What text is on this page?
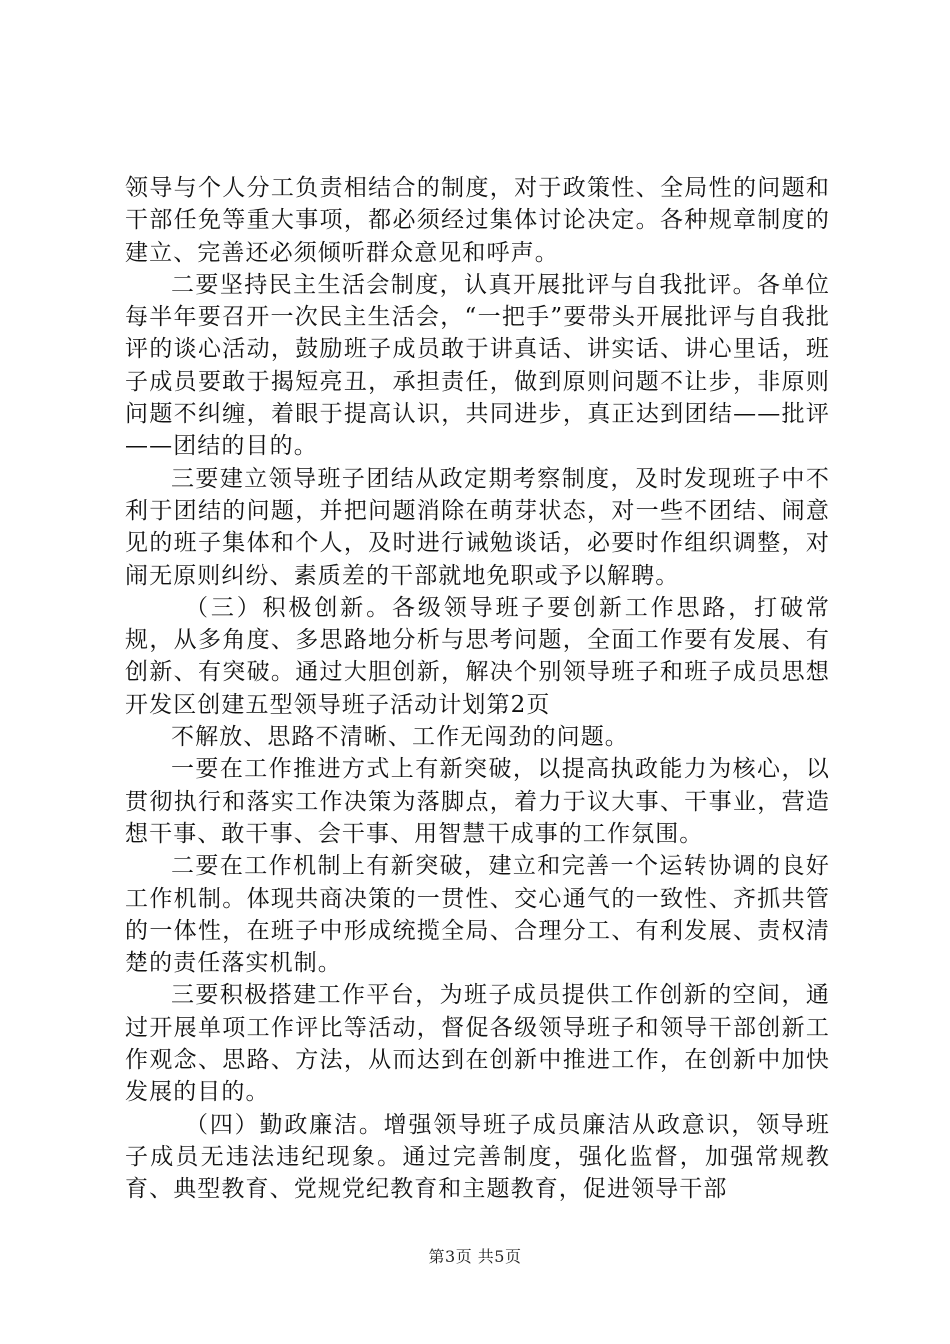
领导与个人分工负责相结合的制度，对于政策性、全局性的问题和干部任免等重大事项，都必须经过集体讨论决定。各种规章制度的建立、完善还必须倾听群众意见和呼声。

二要坚持民主生活会制度，认真开展批评与自我批评。各单位每半年要召开一次民主生活会，“一把手”要带头开展批评与自我批评的谈心活动，鼓励班子成员敢于讲真话、讲实话、讲心里话，班子成员要敢于揭短亮丑，承担责任，做到原则问题不让步，非原则问题不纠缠，着眼于提高认识，共同进步，真正达到团结——批评——团结的目的。

三要建立领导班子团结从政定期考察制度，及时发现班子中不利于团结的问题，并把问题消除在萌芽状态，对一些不团结、闹意见的班子集体和个人，及时进行诫勉谈话，必要时作组织调整，对闹无原则纠纷、素质差的干部就地免职或予以解聘。

（三）积极创新。各级领导班子要创新工作思路，打破常规，从多角度、多思路地分析与思考问题，全面工作要有发展、有创新、有突破。通过大胆创新，解决个别领导班子和班子成员思想开发区创建五型领导班子活动计划第2页

不解放、思路不清晰、工作无闯劲的问题。

一要在工作推进方式上有新突破，以提高执政能力为核心，以贯彻执行和落实工作决策为落脚点，着力于议大事、干事业，营造想干事、敢干事、会干事、用智慧干成事的工作氛围。

二要在工作机制上有新突破，建立和完善一个运转协调的良好工作机制。体现共商决策的一贯性、交心通气的一致性、齐抓共管的一体性，在班子中形成统揽全局、合理分工、有利发展、责权清楚的责任落实机制。

三要积极搭建工作平台，为班子成员提供工作创新的空间，通过开展单项工作评比等活动，督促各级领导班子和领导干部创新工作观念、思路、方法，从而达到在创新中推进工作，在创新中加快发展的目的。

（四）勤政廉洁。增强领导班子成员廉洁从政意识，领导班子成员无违法违纪现象。通过完善制度，强化监督，加强常规教育、典型教育、党规党纪教育和主题教育，促进领导干部

第3页 共5页
